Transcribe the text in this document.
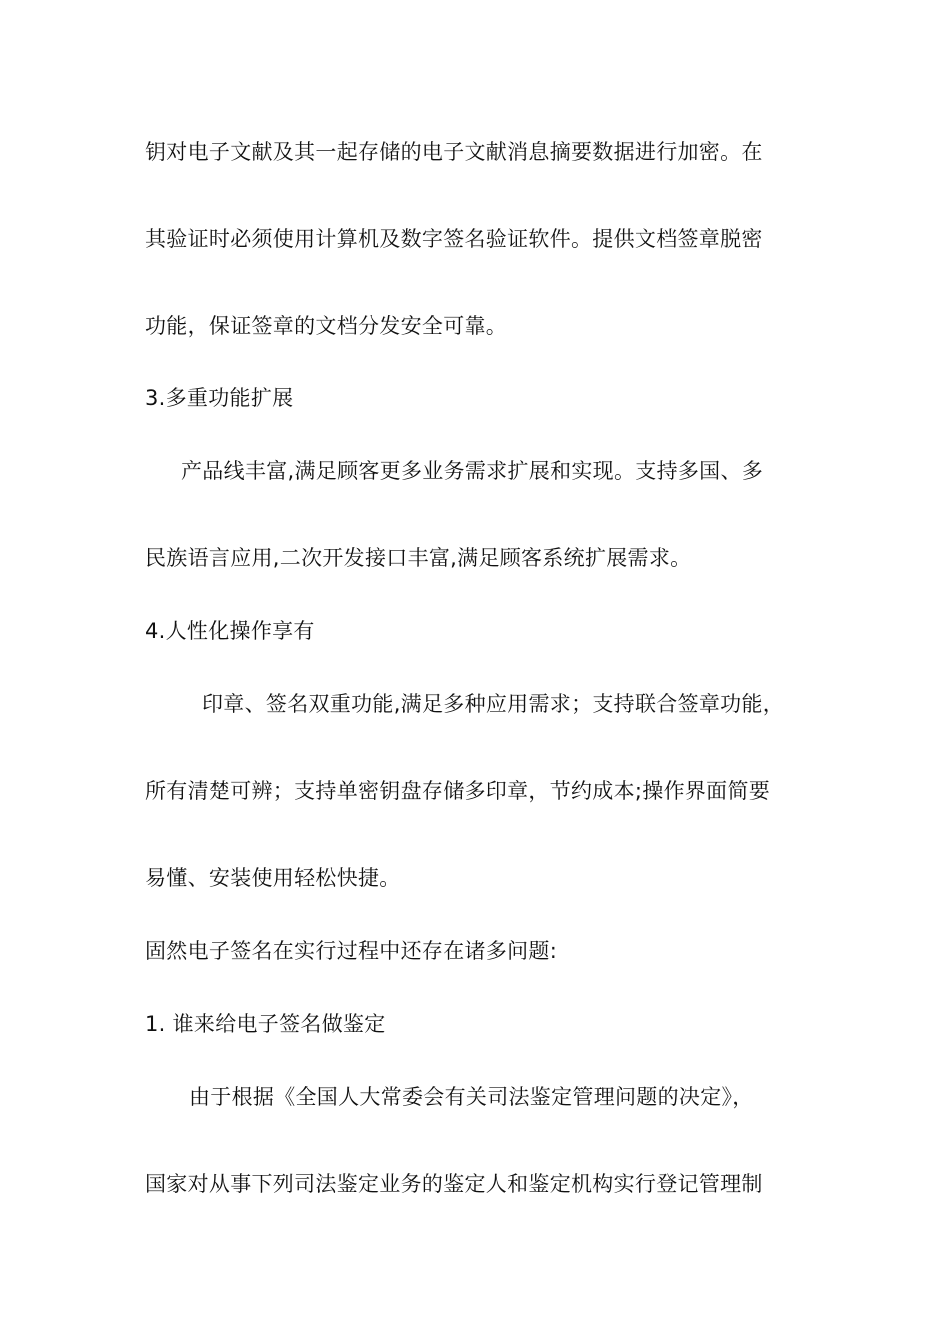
钥对电子文献及其一起存储的电子文献消息摘要数据进行加密。在
其验证时必须使用计算机及数字签名验证软件。提供文档签章脱密
功能，保证签章的文档分发安全可靠。
3.多重功能扩展
产品线丰富,满足顾客更多业务需求扩展和实现。支持多国、多
民族语言应用,二次开发接口丰富,满足顾客系统扩展需求。
4.人性化操作享有
印章、签名双重功能,满足多种应用需求；支持联合签章功能，
所有清楚可辨；支持单密钥盘存储多印章，节约成本;操作界面简要
易懂、安装使用轻松快捷。
固然电子签名在实行过程中还存在诸多问题:
1. 谁来给电子签名做鉴定
由于根据《全国人大常委会有关司法鉴定管理问题的决定》，
国家对从事下列司法鉴定业务的鉴定人和鉴定机构实行登记管理制
